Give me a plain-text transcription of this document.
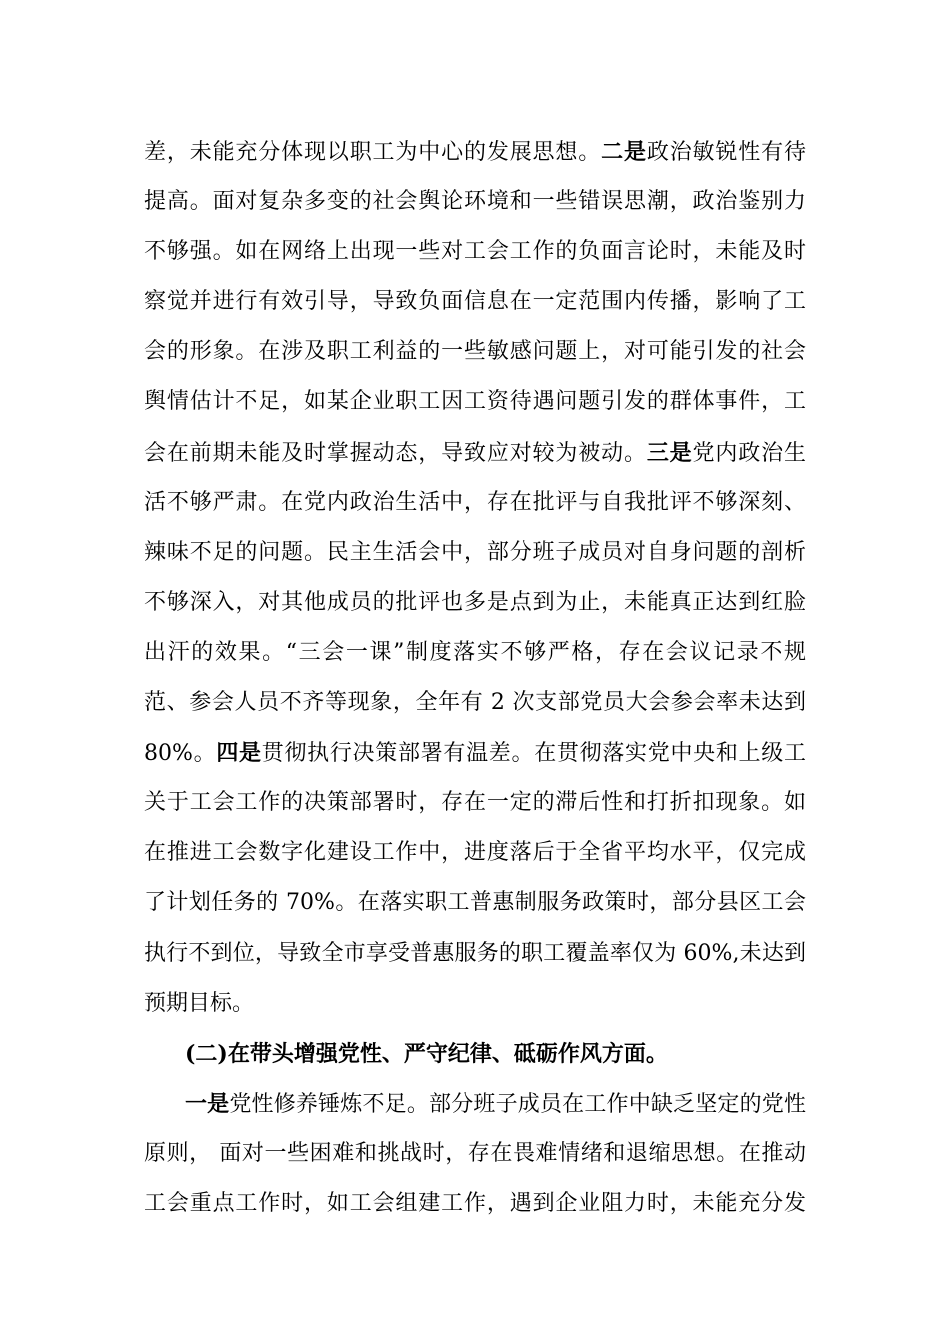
差，未能充分体现以职工为中心的发展思想。二是政治敏锐性有待
提高。面对复杂多变的社会舆论环境和一些错误思潮，政治鉴别力
不够强。如在网络上出现一些对工会工作的负面言论时，未能及时
察觉并进行有效引导，导致负面信息在一定范围内传播，影响了工
会的形象。在涉及职工利益的一些敏感问题上，对可能引发的社会
舆情估计不足，如某企业职工因工资待遇问题引发的群体事件，工
会在前期未能及时掌握动态，导致应对较为被动。三是党内政治生
活不够严肃。在党内政治生活中，存在批评与自我批评不够深刻、
辣味不足的问题。民主生活会中，部分班子成员对自身问题的剖析
不够深入，对其他成员的批评也多是点到为止，未能真正达到红脸
出汗的效果。“三会一课”制度落实不够严格，存在会议记录不规
范、参会人员不齐等现象，全年有 2 次支部党员大会参会率未达到
80%。四是贯彻执行决策部署有温差。在贯彻落实党中央和上级工
关于工会工作的决策部署时，存在一定的滞后性和打折扣现象。如
在推进工会数字化建设工作中，进度落后于全省平均水平，仅完成
了计划任务的 70%。在落实职工普惠制服务政策时，部分县区工会
执行不到位，导致全市享受普惠服务的职工覆盖率仅为 60%,未达到
预期目标。
(二)在带头增强党性、严守纪律、砥砺作风方面。
一是党性修养锤炼不足。部分班子成员在工作中缺乏坚定的党性
原则， 面对一些困难和挑战时，存在畏难情绪和退缩思想。在推动
工会重点工作时，如工会组建工作，遇到企业阻力时，未能充分发
